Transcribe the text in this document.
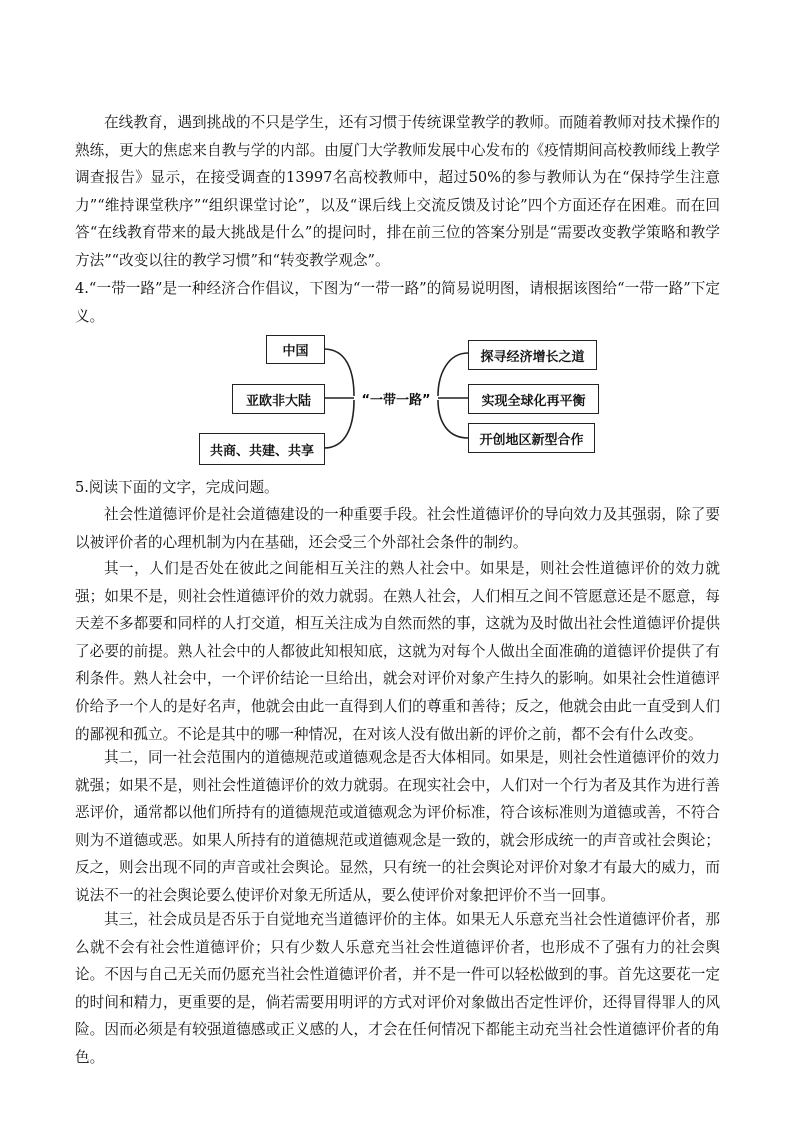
在线教育，遇到挑战的不只是学生，还有习惯于传统课堂教学的教师。而随着教师对技术操作的熟练，更大的焦虑来自教与学的内部。由厦门大学教师发展中心发布的《疫情期间高校教师线上教学调查报告》显示，在接受调查的13997名高校教师中，超过50%的参与教师认为在“保持学生注意力”“维持课堂秩序”“组织课堂讨论”，以及“课后线上交流反馈及讨论”四个方面还存在困难。而在回答“在线教育带来的最大挑战是什么”的提问时，排在前三位的答案分别是“需要改变教学策略和教学方法”“改变以往的教学习惯”和“转变教学观念”。

4.“一带一路”是一种经济合作倡议，下图为“一带一路”的简易说明图，请根据该图给“一带一路”下定义。

中国
亚欧非大陆
共商、共建、共享
“一带一路”
探寻经济增长之道
实现全球化再平衡
开创地区新型合作

5.阅读下面的文字，完成问题。

社会性道德评价是社会道德建设的一种重要手段。社会性道德评价的导向效力及其强弱，除了要以被评价者的心理机制为内在基础，还会受三个外部社会条件的制约。

其一，人们是否处在彼此之间能相互关注的熟人社会中。如果是，则社会性道德评价的效力就强；如果不是，则社会性道德评价的效力就弱。在熟人社会，人们相互之间不管愿意还是不愿意，每天差不多都要和同样的人打交道，相互关注成为自然而然的事，这就为及时做出社会性道德评价提供了必要的前提。熟人社会中的人都彼此知根知底，这就为对每个人做出全面准确的道德评价提供了有利条件。熟人社会中，一个评价结论一旦给出，就会对评价对象产生持久的影响。如果社会性道德评价给予一个人的是好名声，他就会由此一直得到人们的尊重和善待；反之，他就会由此一直受到人们的鄙视和孤立。不论是其中的哪一种情况，在对该人没有做出新的评价之前，都不会有什么改变。

其二，同一社会范围内的道德规范或道德观念是否大体相同。如果是，则社会性道德评价的效力就强；如果不是，则社会性道德评价的效力就弱。在现实社会中，人们对一个行为者及其作为进行善恶评价，通常都以他们所持有的道德规范或道德观念为评价标准，符合该标准则为道德或善，不符合则为不道德或恶。如果人所持有的道德规范或道德观念是一致的，就会形成统一的声音或社会舆论；反之，则会出现不同的声音或社会舆论。显然，只有统一的社会舆论对评价对象才有最大的威力，而说法不一的社会舆论要么使评价对象无所适从，要么使评价对象把评价不当一回事。

其三，社会成员是否乐于自觉地充当道德评价的主体。如果无人乐意充当社会性道德评价者，那么就不会有社会性道德评价；只有少数人乐意充当社会性道德评价者，也形成不了强有力的社会舆论。不因与自己无关而仍愿充当社会性道德评价者，并不是一件可以轻松做到的事。首先这要花一定的时间和精力，更重要的是，倘若需要用明评的方式对评价对象做出否定性评价，还得冒得罪人的风险。因而必须是有较强道德感或正义感的人，才会在任何情况下都能主动充当社会性道德评价者的角色。
